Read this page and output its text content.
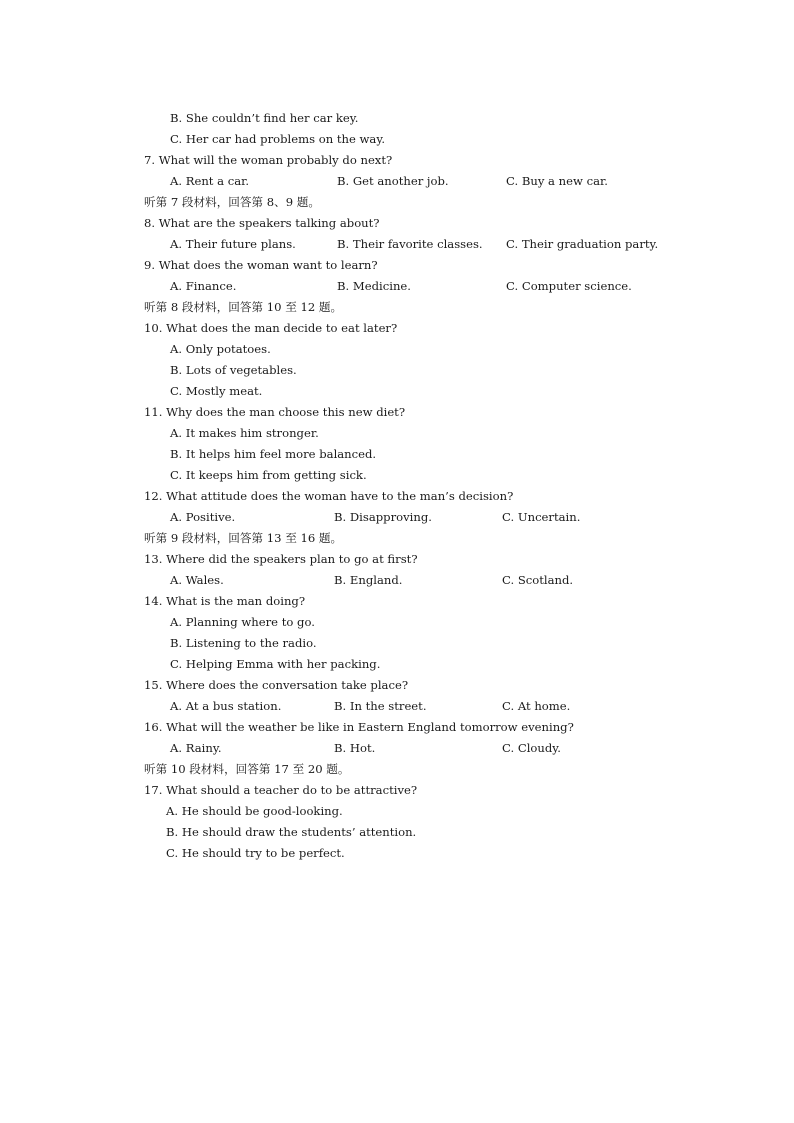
B. She couldn’t find her car key.
C. Her car had problems on the way.
7. What will the woman probably do next?
A. Rent a car.	B. Get another job.	C. Buy a new car.
听第 7 段材料，回答第 8、9 题。
8. What are the speakers talking about?
A. Their future plans.	B. Their favorite classes. C. Their graduation party.
9. What does the woman want to learn?
A. Finance.	B. Medicine.	C. Computer science.
听第 8 段材料，回答第 10 至 12 题。
10. What does the man decide to eat later?
A. Only potatoes.
B. Lots of vegetables.
C. Mostly meat.
11. Why does the man choose this new diet?
A. It makes him stronger.
B. It helps him feel more balanced.
C. It keeps him from getting sick.
12. What attitude does the woman have to the man’s decision?
A. Positive.	B. Disapproving.	C. Uncertain.
听第 9 段材料，回答第 13 至 16 题。
13. Where did the speakers plan to go at first?
A. Wales.	B. England.	C. Scotland.
14. What is the man doing?
A. Planning where to go.
B. Listening to the radio.
C. Helping Emma with her packing.
15. Where does the conversation take place?
A. At a bus station.	B. In the street.	C. At home.
16. What will the weather be like in Eastern England tomorrow evening?
A. Rainy.	B. Hot.	C. Cloudy.
听第 10 段材料，回答第 17 至 20 题。
17. What should a teacher do to be attractive?
A. He should be good-looking.
B. He should draw the students’ attention.
C. He should try to be perfect.
